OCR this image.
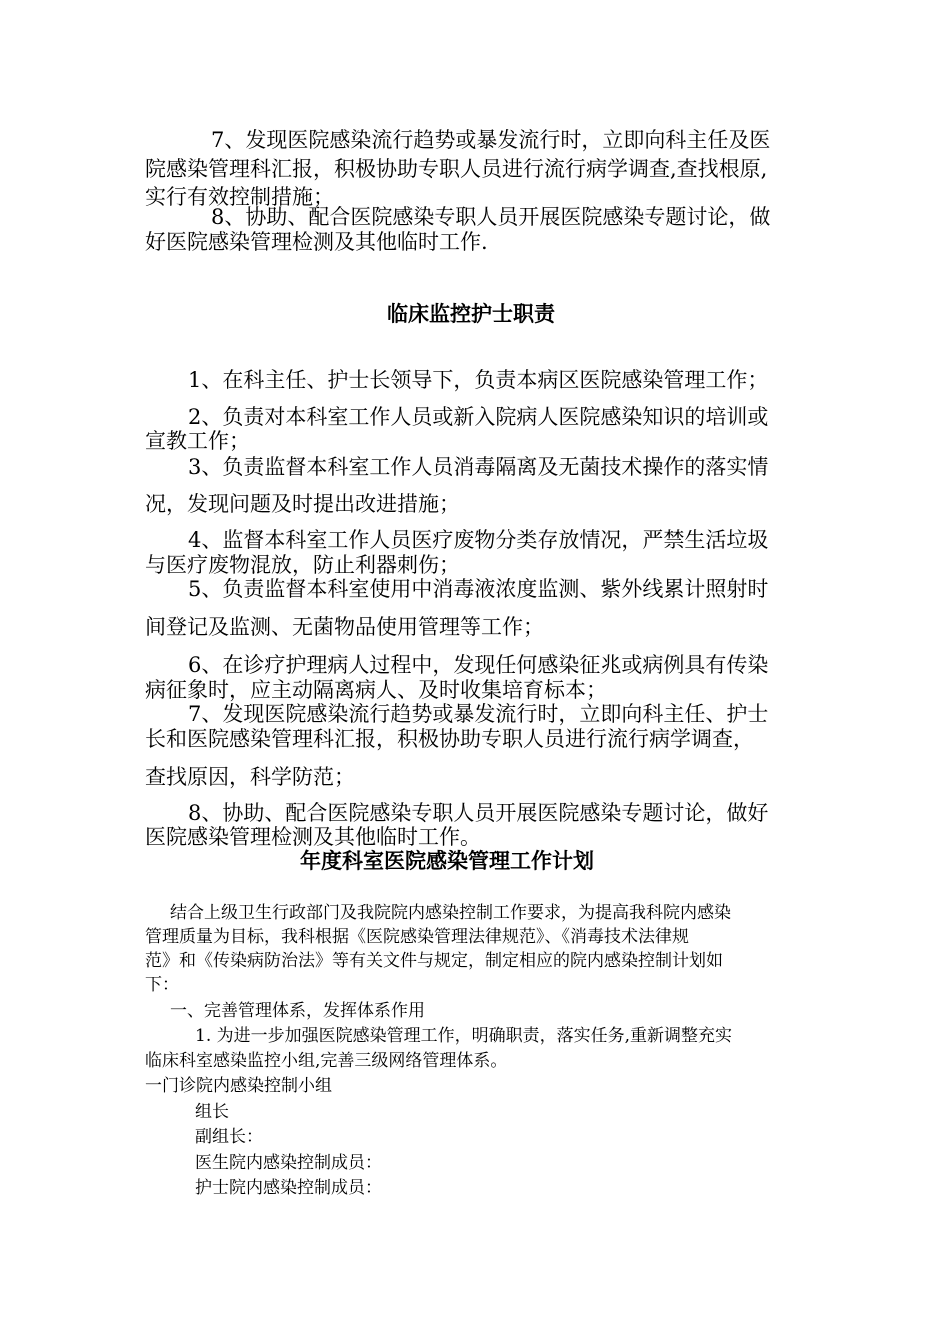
7、发现医院感染流行趋势或暴发流行时，立即向科主任及医
院感染管理科汇报，积极协助专职人员进行流行病学调查,查找根原,
实行有效控制措施；
8、协助、配合医院感染专职人员开展医院感染专题讨论，做
好医院感染管理检测及其他临时工作.
临床监控护士职责
1、在科主任、护士长领导下，负责本病区医院感染管理工作；
2、负责对本科室工作人员或新入院病人医院感染知识的培训或
宣教工作；
3、负责监督本科室工作人员消毒隔离及无菌技术操作的落实情
况，发现问题及时提出改进措施；
4、监督本科室工作人员医疗废物分类存放情况，严禁生活垃圾
与医疗废物混放，防止利器刺伤；
5、负责监督本科室使用中消毒液浓度监测、紫外线累计照射时
间登记及监测、无菌物品使用管理等工作；
6、在诊疗护理病人过程中，发现任何感染征兆或病例具有传染
病征象时，应主动隔离病人、及时收集培育标本；
7、发现医院感染流行趋势或暴发流行时，立即向科主任、护士
长和医院感染管理科汇报，积极协助专职人员进行流行病学调查，
查找原因，科学防范；
8、协助、配合医院感染专职人员开展医院感染专题讨论，做好
医院感染管理检测及其他临时工作。
年度科室医院感染管理工作计划
结合上级卫生行政部门及我院院内感染控制工作要求，为提高我科院内感染
管理质量为目标，我科根据《医院感染管理法律规范》、《消毒技术法律规
范》和《传染病防治法》等有关文件与规定，制定相应的院内感染控制计划如
下：
一、完善管理体系，发挥体系作用
1. 为进一步加强医院感染管理工作，明确职责，落实任务,重新调整充实
临床科室感染监控小组,完善三级网络管理体系。
一门诊院内感染控制小组
组长
副组长：
医生院内感染控制成员：
护士院内感染控制成员：
